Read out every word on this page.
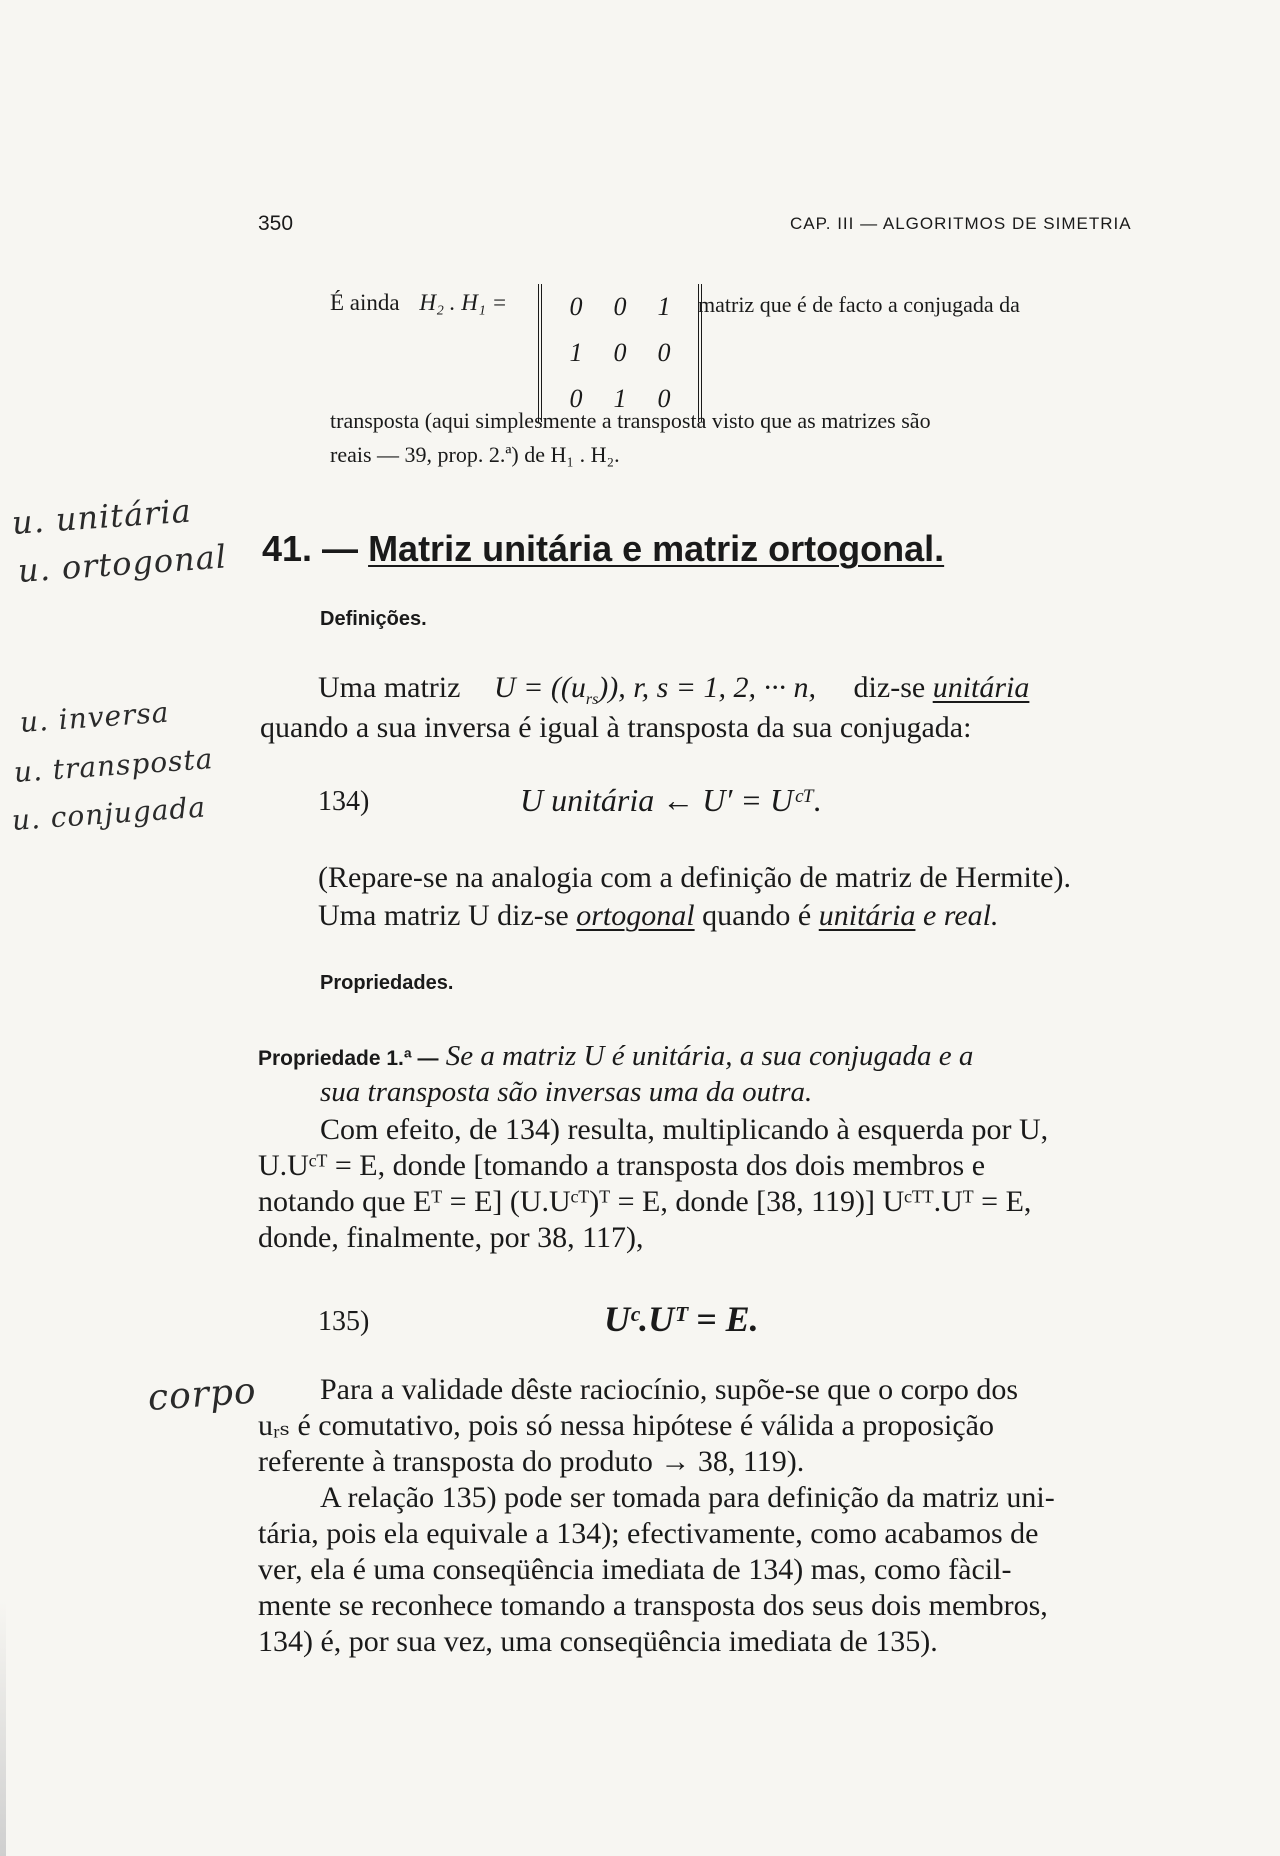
350	CAP. III — ALGORITMOS DE SIMETRIA
É ainda H₂ . H₁ = 0	0	1
1	0	0
0	1	0
matriz que é de facto a conjugada da
transposta (aqui simplesmente a transposta visto que as matrizes são
reais — 39, prop. 2.ª) de H₁ . H₂.
u. unitária
u. ortogonal
u. inversa
u. transposta
u. conjugada
corpo
41. — Matriz unitária e matriz ortogonal.
Definições.
Uma matriz $U = ((u_{rs}))$, r, s = 1, 2, ··· n, diz-se unitária
quando a sua inversa é igual à transposta da sua conjugada:
134)	U unitária ← U′ = Uᶜᵀ.
(Repare-se na analogia com a definição de matriz de Hermite).
Uma matriz U diz-se ortogonal quando é unitária e real.
Propriedades.
Propriedade 1.ª — Se a matriz U é unitária, a sua conjugada e a
sua transposta são inversas uma da outra.
Com efeito, de 134) resulta, multiplicando à esquerda por U,
U.Uᶜᵀ = E, donde [tomando a transposta dos dois membros e
notando que Eᵀ = E] (U.Uᶜᵀ)ᵀ = E, donde [38, 119)] Uᶜᵀᵀ.Uᵀ = E,
donde, finalmente, por 38, 117),
135)	Uᶜ.Uᵀ = E.
Para a validade dêste raciocínio, supõe-se que o corpo dos
uᵣₛ é comutativo, pois só nessa hipótese é válida a proposição
referente à transposta do produto → 38, 119).
A relação 135) pode ser tomada para definição da matriz uni-
tária, pois ela equivale a 134); efectivamente, como acabamos de
ver, ela é uma conseqüência imediata de 134) mas, como fàcil-
mente se reconhece tomando a transposta dos seus dois membros,
134) é, por sua vez, uma conseqüência imediata de 135).
